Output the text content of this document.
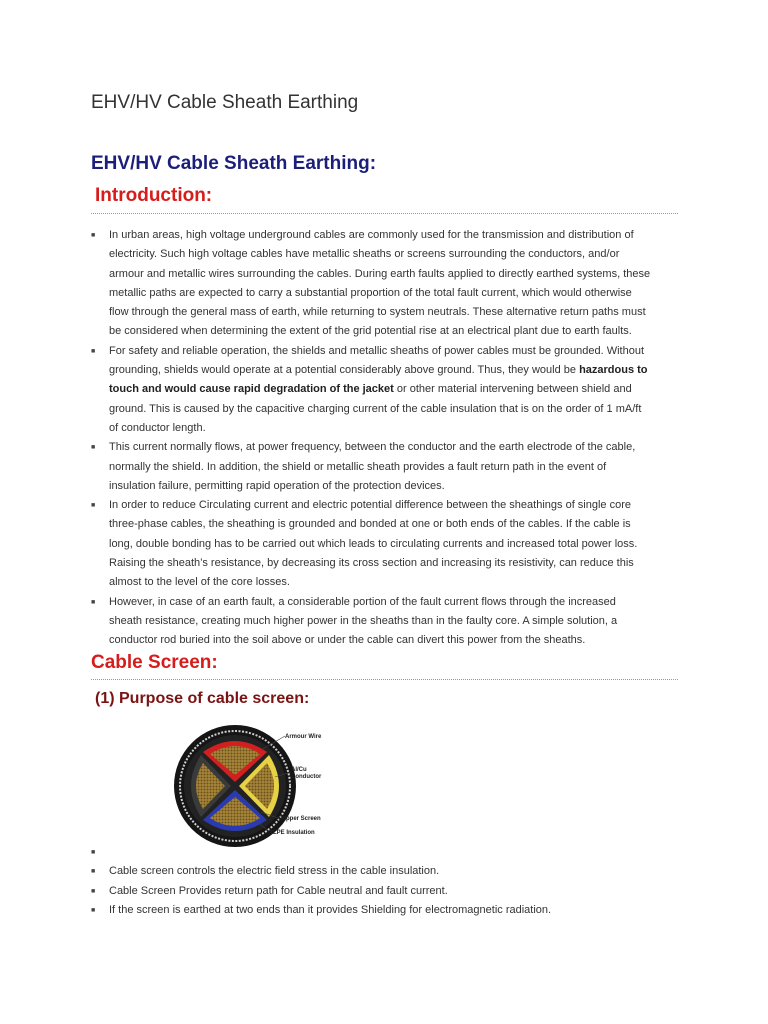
EHV/HV Cable Sheath Earthing
EHV/HV Cable Sheath Earthing:
Introduction:
■ In urban areas, high voltage underground cables are commonly used for the transmission and distribution of electricity. Such high voltage cables have metallic sheaths or screens surrounding the conductors, and/or armour and metallic wires surrounding the cables. During earth faults applied to directly earthed systems, these metallic paths are expected to carry a substantial proportion of the total fault current, which would otherwise flow through the general mass of earth, while returning to system neutrals. These alternative return paths must be considered when determining the extent of the grid potential rise at an electrical plant due to earth faults.
■ For safety and reliable operation, the shields and metallic sheaths of power cables must be grounded. Without grounding, shields would operate at a potential considerably above ground. Thus, they would be hazardous to touch and would cause rapid degradation of the jacket or other material intervening between shield and ground. This is caused by the capacitive charging current of the cable insulation that is on the order of 1 mA/ft of conductor length.
■ This current normally flows, at power frequency, between the conductor and the earth electrode of the cable, normally the shield. In addition, the shield or metallic sheath provides a fault return path in the event of insulation failure, permitting rapid operation of the protection devices.
■ In order to reduce Circulating current and electric potential difference between the sheathings of single core three-phase cables, the sheathing is grounded and bonded at one or both ends of the cables. If the cable is long, double bonding has to be carried out which leads to circulating currents and increased total power loss. Raising the sheath’s resistance, by decreasing its cross section and increasing its resistivity, can reduce this almost to the level of the core losses.
■ However, in case of an earth fault, a considerable portion of the fault current flows through the increased sheath resistance, creating much higher power in the sheaths than in the faulty core. A simple solution, a conductor rod buried into the soil above or under the cable can divert this power from the sheaths.
Cable Screen:
(1) Purpose of cable screen:
Armour Wire
Al/Cu
Conductor
Copper Screen
XLPE Insulation
■

■ Cable screen controls the electric field stress in the cable insulation.
■ Cable Screen Provides return path for Cable neutral and fault current.
■ If the screen is earthed at two ends than it provides Shielding for electromagnetic radiation.
